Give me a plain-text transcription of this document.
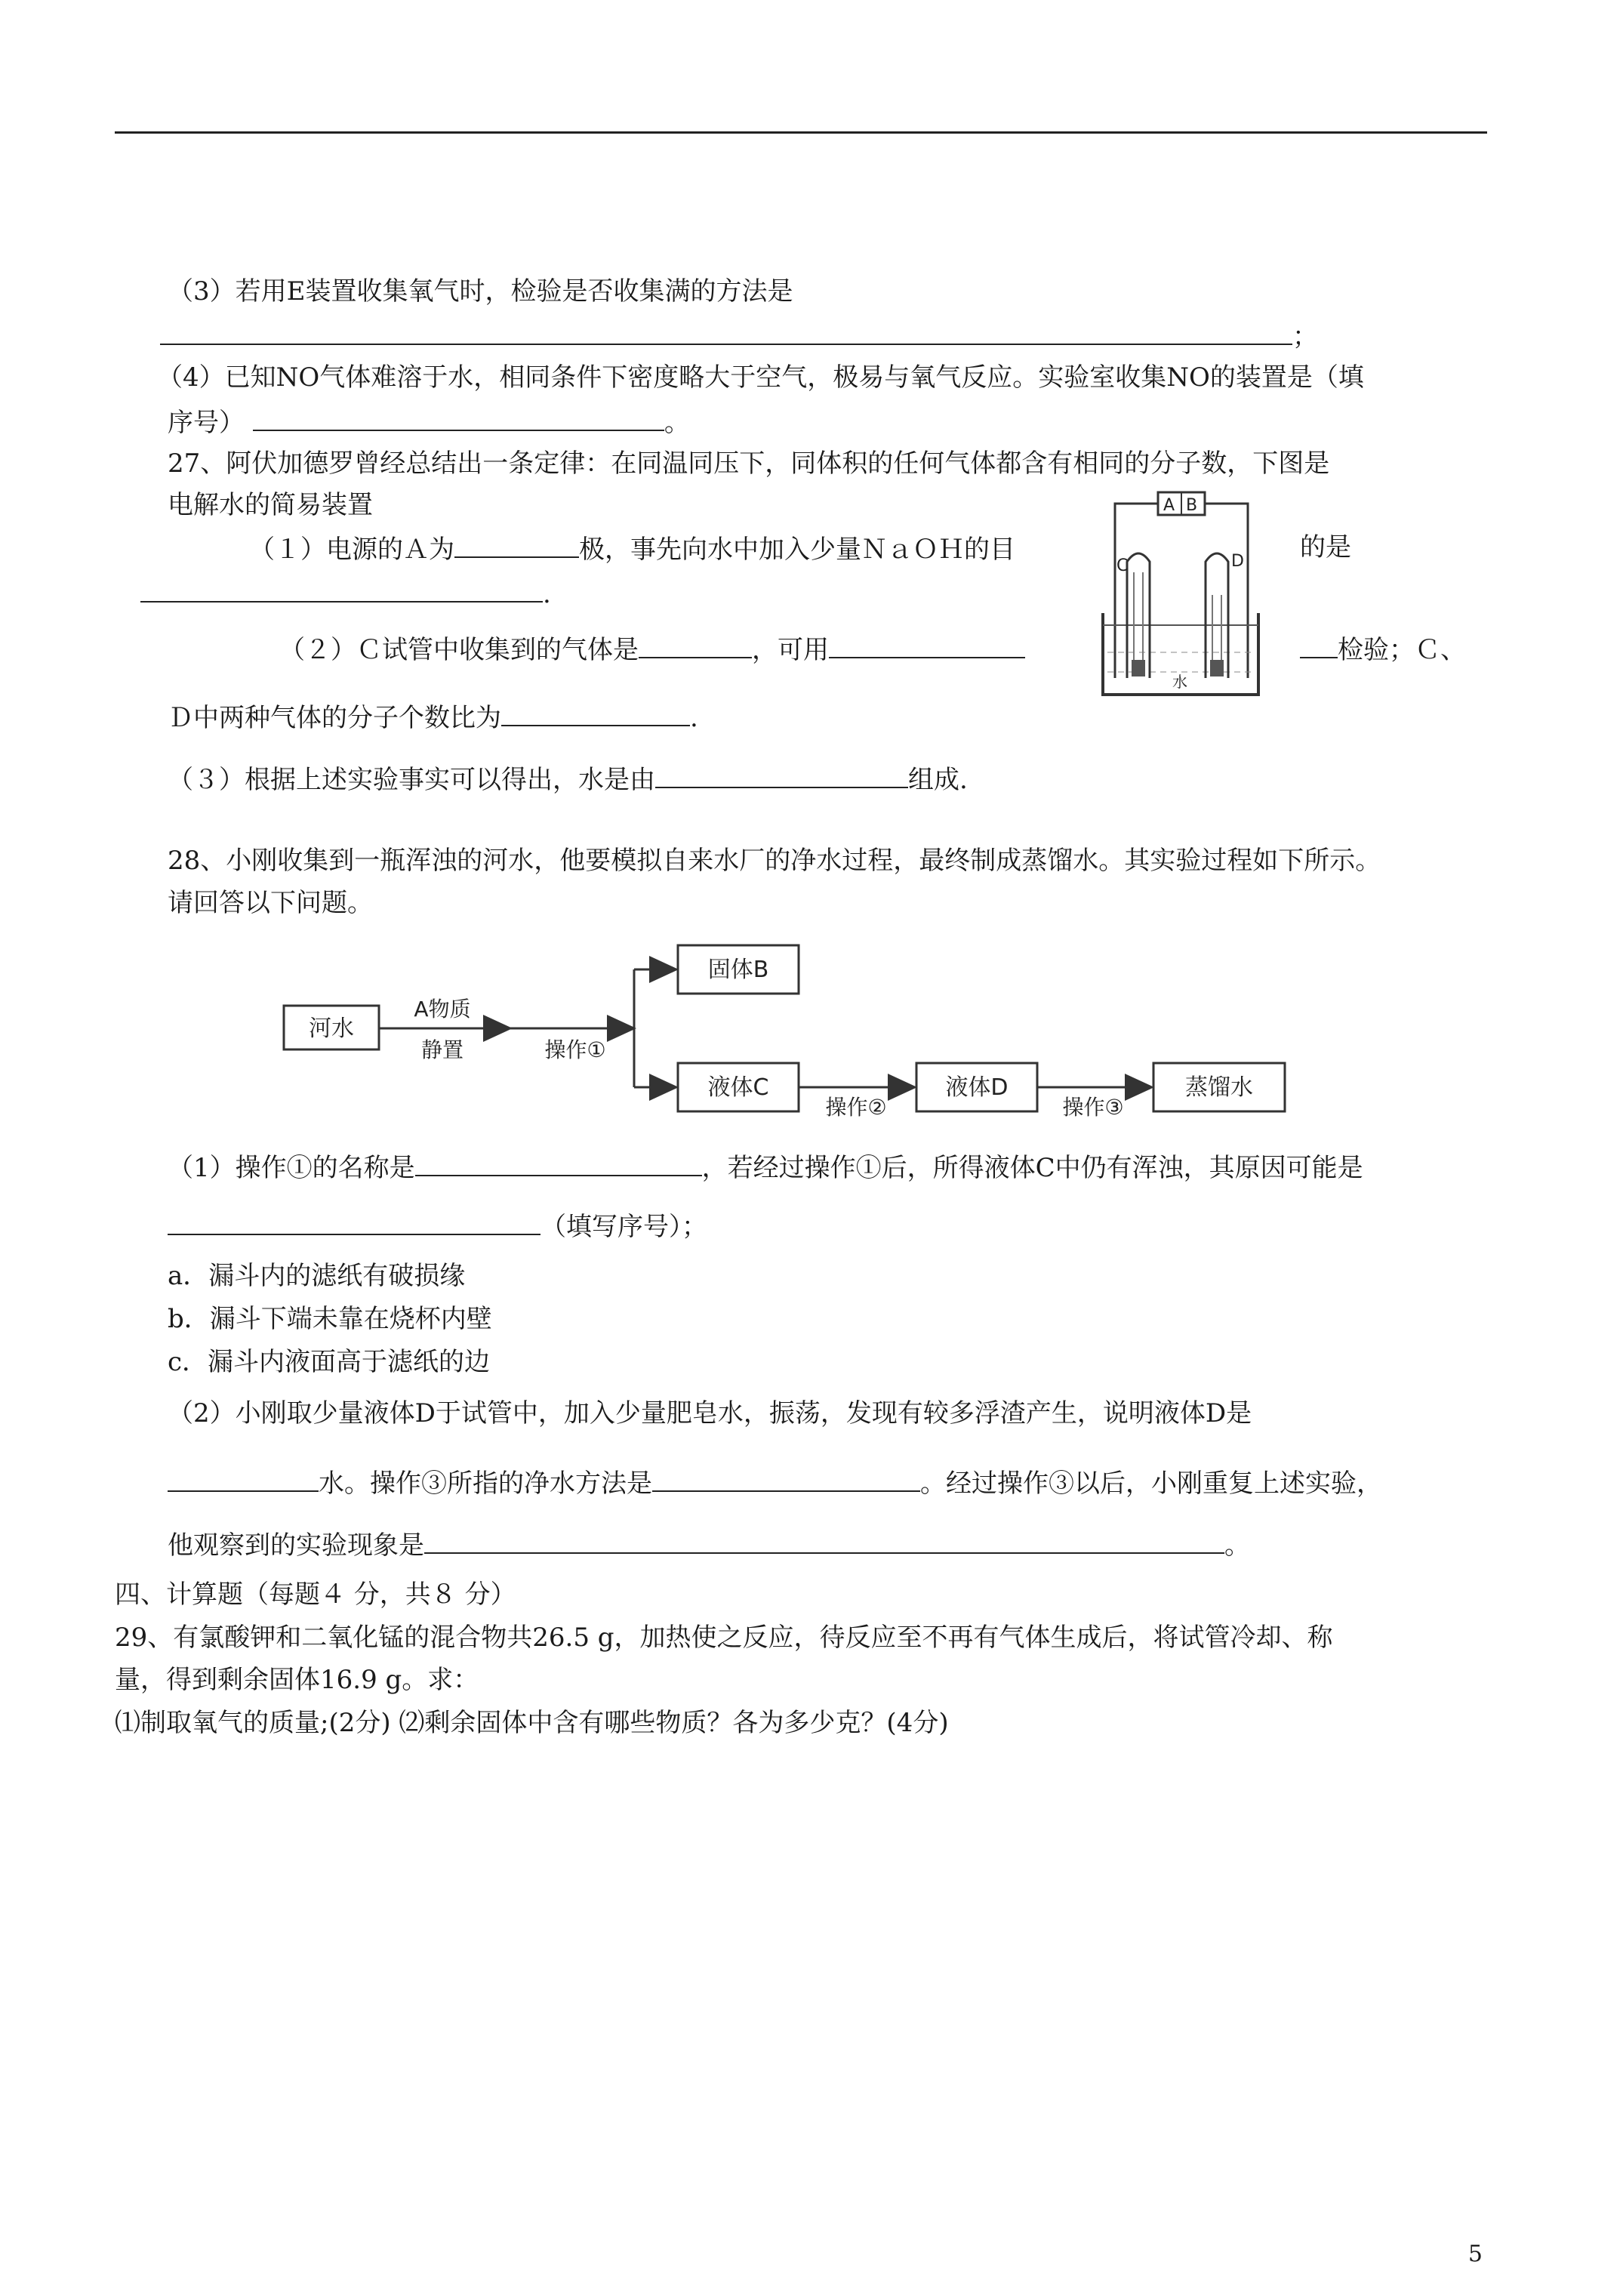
（3）若用E装置收集氧气时，检验是否收集满的方法是
；
（4）已知NO气体难溶于水，相同条件下密度略大于空气，极易与氧气反应。实验室收集NO的装置是（填
序号）	。
27、阿伏加德罗曾经总结出一条定律：在同温同压下，同体积的任何气体都含有相同的分子数，下图是
电解水的简易装置
（１）电源的Ａ为	极，事先向水中加入少量ＮａＯＨ的目	的是
.
（２）Ｃ试管中收集到的气体是	，可用	检验；Ｃ、
Ｄ中两种气体的分子个数比为	.
（３）根据上述实验事实可以得出，水是由	组成.
A B
C	D
水
28、小刚收集到一瓶浑浊的河水，他要模拟自来水厂的净水过程，最终制成蒸馏水。其实验过程如下所示。
请回答以下问题。
河水
A物质
静置	操作①
固体B
液体C
操作②
液体D
操作③
蒸馏水
（1）操作①的名称是	，若经过操作①后，所得液体C中仍有浑浊，其原因可能是
（填写序号）；
a．漏斗内的滤纸有破损缘
b．漏斗下端未靠在烧杯内壁
c．漏斗内液面高于滤纸的边
（2）小刚取少量液体D于试管中，加入少量肥皂水，振荡，发现有较多浮渣产生，说明液体D是
水。操作③所指的净水方法是	。经过操作③以后，小刚重复上述实验，
他观察到的实验现象是	。
四、计算题（每题４ 分，共８ 分）
29、有氯酸钾和二氧化锰的混合物共26.5 g，加热使之反应，待反应至不再有气体生成后，将试管冷却、称
量，得到剩余固体16.9 g。求：
⑴制取氧气的质量;(2分) ⑵剩余固体中含有哪些物质？各为多少克？(4分)
5
